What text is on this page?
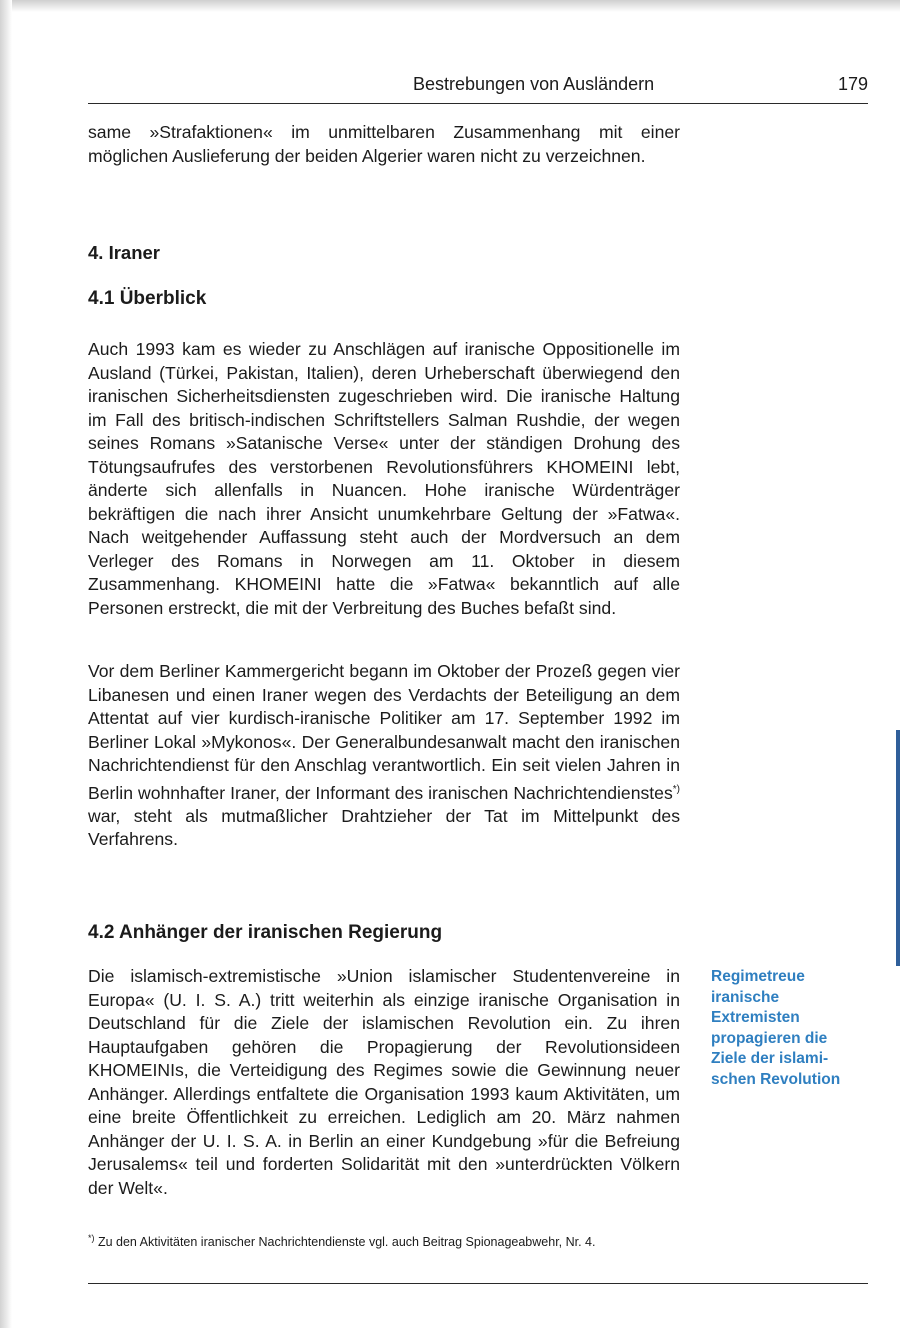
Bestrebungen von Ausländern	179

same »Strafaktionen« im unmittelbaren Zusammenhang mit einer möglichen Auslieferung der beiden Algerier waren nicht zu verzeichnen.

4. Iraner
4.1 Überblick

Auch 1993 kam es wieder zu Anschlägen auf iranische Oppositionelle im Ausland (Türkei, Pakistan, Italien), deren Urheberschaft überwiegend den iranischen Sicherheitsdiensten zugeschrieben wird. Die iranische Haltung im Fall des britisch-indischen Schriftstellers Salman Rushdie, der wegen seines Romans »Satanische Verse« unter der ständigen Drohung des Tötungsaufrufes des verstorbenen Revolutionsführers KHOMEINI lebt, änderte sich allenfalls in Nuancen. Hohe iranische Würdenträger bekräftigen die nach ihrer Ansicht unumkehrbare Geltung der »Fatwa«. Nach weitgehender Auffassung steht auch der Mordversuch an dem Verleger des Romans in Norwegen am 11. Oktober in diesem Zusammenhang. KHOMEINI hatte die »Fatwa« bekanntlich auf alle Personen erstreckt, die mit der Verbreitung des Buches befaßt sind.

Vor dem Berliner Kammergericht begann im Oktober der Prozeß gegen vier Libanesen und einen Iraner wegen des Verdachts der Beteiligung an dem Attentat auf vier kurdisch-iranische Politiker am 17. September 1992 im Berliner Lokal »Mykonos«. Der Generalbundesanwalt macht den iranischen Nachrichtendienst für den Anschlag verantwortlich. Ein seit vielen Jahren in Berlin wohnhafter Iraner, der Informant des iranischen Nachrichtendienstes*) war, steht als mutmaßlicher Drahtzieher der Tat im Mittelpunkt des Verfahrens.

4.2 Anhänger der iranischen Regierung

Die islamisch-extremistische »Union islamischer Studentenvereine in Europa« (U. I. S. A.) tritt weiterhin als einzige iranische Organisation in Deutschland für die Ziele der islamischen Revolution ein. Zu ihren Hauptaufgaben gehören die Propagierung der Revolutionsideen KHOMEINIs, die Verteidigung des Regimes sowie die Gewinnung neuer Anhänger. Allerdings entfaltete die Organisation 1993 kaum Aktivitäten, um eine breite Öffentlichkeit zu erreichen. Lediglich am 20. März nahmen Anhänger der U. I. S. A. in Berlin an einer Kundgebung »für die Befreiung Jerusalems« teil und forderten Solidarität mit den »unterdrückten Völkern der Welt«.

Regimetreue
iranische
Extremisten
propagieren die
Ziele der islami-
schen Revolution

*) Zu den Aktivitäten iranischer Nachrichtendienste vgl. auch Beitrag Spionageabwehr, Nr. 4.
